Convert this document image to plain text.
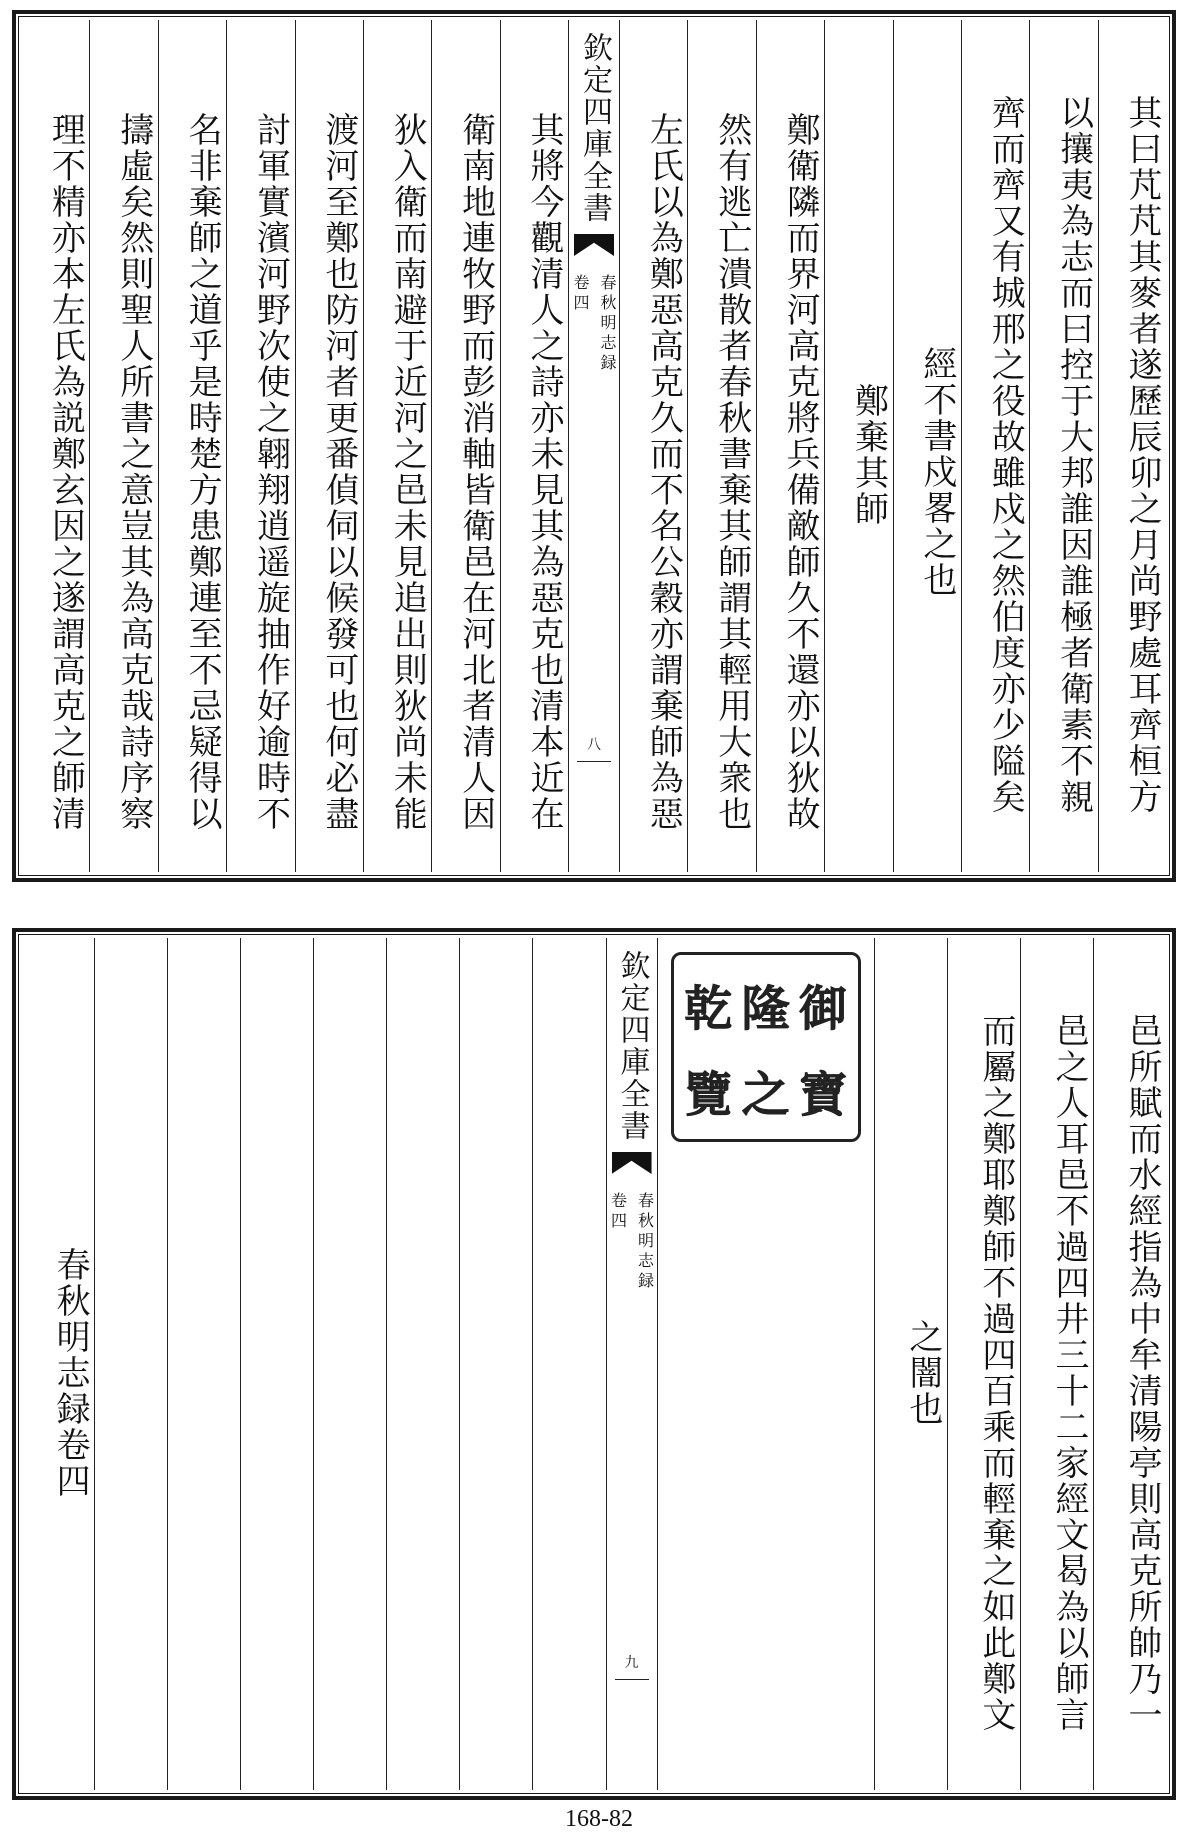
其曰芃芃其麥者遂歷辰卯之月尚野處耳齊桓方
以攘夷為志而曰控于大邦誰因誰極者衛素不親
齊而齊又有城邢之役故雖戍之然伯度亦少隘矣
經不書戍畧之也
鄭棄其師
鄭衛隣而界河高克將兵備敵師久不還亦以狄故
然有逃亡潰散者春秋書棄其師謂其輕用大衆也
左氏以為鄭惡高克久而不名公穀亦謂棄師為惡
欽定四庫全書
春秋明志録
卷四
八
其將今觀清人之詩亦未見其為惡克也清本近在
衛南地連牧野而彭消軸皆衛邑在河北者清人因
狄入衛而南避于近河之邑未見追出則狄尚未能
渡河至鄭也防河者更番偵伺以候發可也何必盡
討軍實濱河野次使之翶翔逍遥旋抽作好逾時不
名非棄師之道乎是時楚方患鄭連至不忌疑得以
擣虛矣然則聖人所書之意豈其為高克哉詩序察
理不精亦本左氏為説鄭玄因之遂謂高克之師清
邑所賦而水經指為中牟清陽亭則高克所帥乃一
邑之人耳邑不過四井三十二家經文曷為以師言
而屬之鄭耶鄭師不過四百乘而輕棄之如此鄭文
之闇也
乾 隆 御
覽 之 寶
欽定四庫全書
春秋明志録
卷四
九
春秋明志録卷四
168-82
